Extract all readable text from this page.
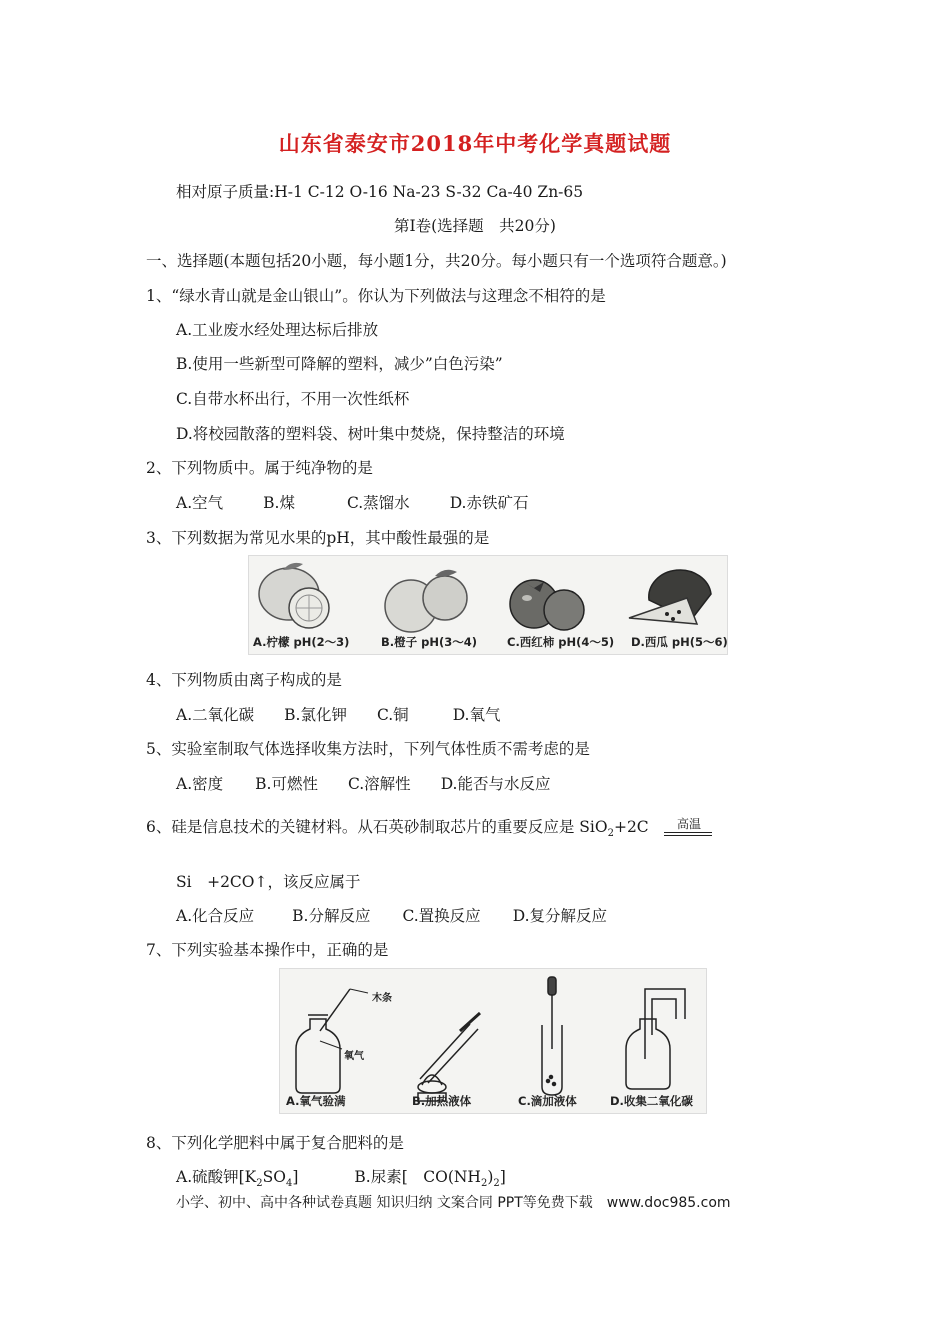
山东省泰安市2018年中考化学真题试题
相对原子质量:H-1 C-12 O-16 Na-23 S-32 Ca-40 Zn-65
第Ⅰ卷(选择题　共20分)
一、选择题(本题包括20小题，每小题1分，共20分。每小题只有一个选项符合题意。)
1、“绿水青山就是金山银山”。你认为下列做法与这理念不相符的是
A.工业废水经处理达标后排放
B.使用一些新型可降解的塑料，减少”白色污染”
C.自带水杯出行，不用一次性纸杯
D.将校园散落的塑料袋、树叶集中焚烧，保持整洁的环境
2、下列物质中。属于纯净物的是
A.空气	B.煤	C.蒸馏水	D.赤铁矿石
3、下列数据为常见水果的pH，其中酸性最强的是
A.柠檬 pH(2～3)	B.橙子 pH(3～4)	C.西红柿 pH(4～5) D.西瓜 pH(5～6)
4、下列物质由离子构成的是
A.二氧化碳 B.氯化钾 C.铜	D.氧气
5、实验室制取气体选择收集方法时，下列气体性质不需考虑的是
A.密度 B.可燃性 C.溶解性 D.能否与水反应
6、硅是信息技术的关键材料。从石英砂制取芯片的重要反应是 SiO$_2$+2C 高温
Si　+2CO↑，该反应属于
A.化合反应 B.分解反应 C.置换反应 D.复分解反应
7、下列实验基本操作中，正确的是
木条
氧气
A.氧气验满	B.加热液体	C.滴加液体	D.收集二氧化碳
8、下列化学肥料中属于复合肥料的是
A.硫酸钾$[K_2SO_4]$	B.尿素[　$CO(NH_2)_2$]
小学、初中、高中各种试卷真题 知识归纳 文案合同 PPT等免费下载　www.doc985.com
